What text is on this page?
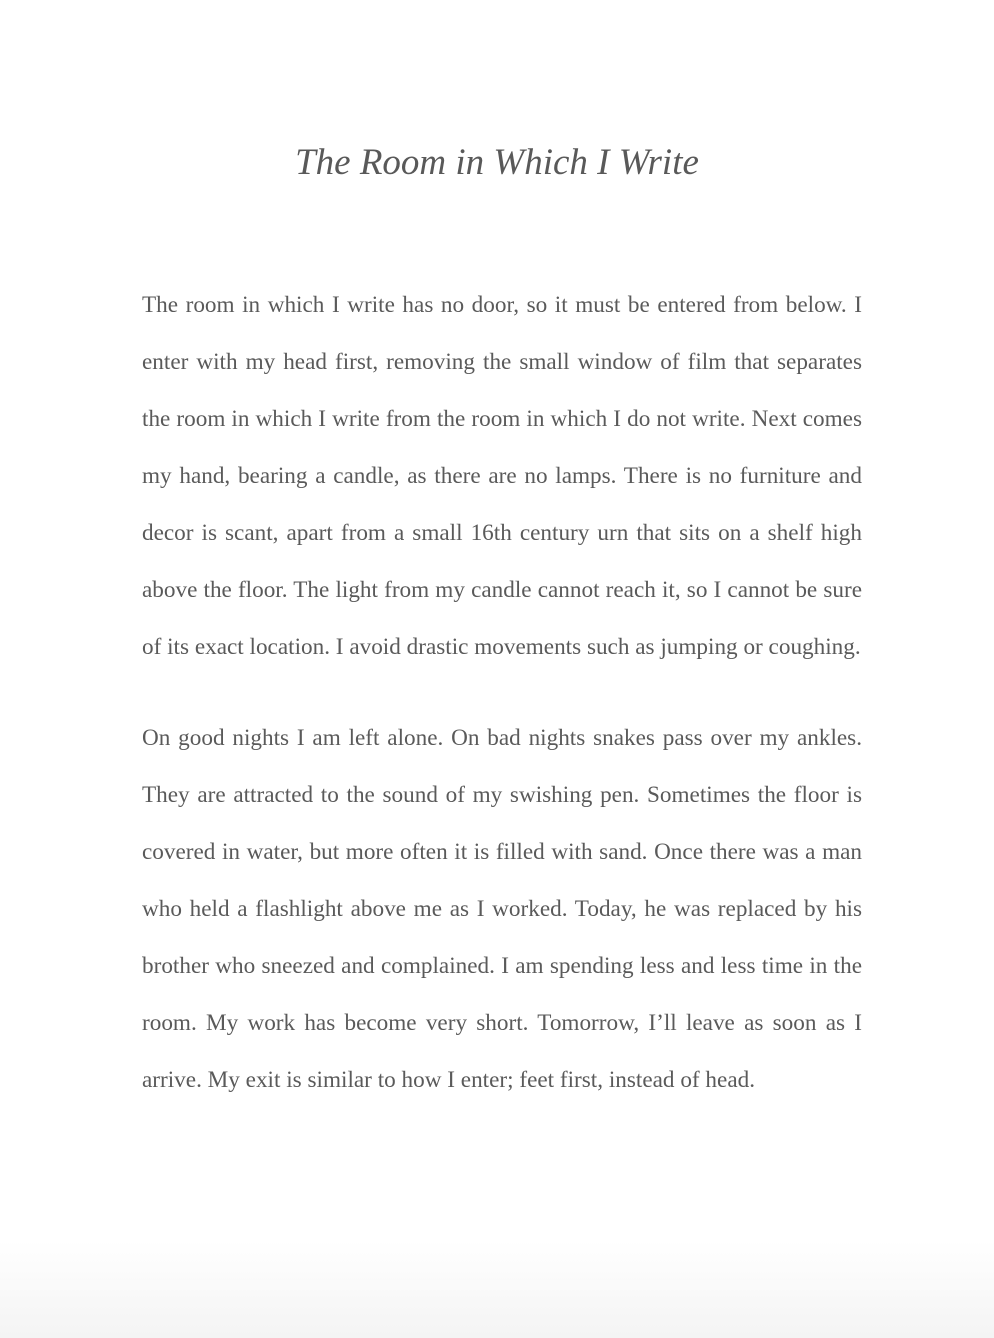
The Room in Which I Write

The room in which I write has no door, so it must be entered from below. I enter with my head first, removing the small window of film that separates the room in which I write from the room in which I do not write. Next comes my hand, bearing a candle, as there are no lamps. There is no furniture and decor is scant, apart from a small 16th century urn that sits on a shelf high above the floor. The light from my candle cannot reach it, so I cannot be sure of its exact location. I avoid drastic movements such as jumping or coughing.

On good nights I am left alone. On bad nights snakes pass over my ankles. They are attracted to the sound of my swishing pen. Sometimes the floor is covered in water, but more often it is filled with sand. Once there was a man who held a flashlight above me as I worked. Today, he was replaced by his brother who sneezed and complained. I am spending less and less time in the room. My work has become very short. Tomorrow, I’ll leave as soon as I arrive. My exit is similar to how I enter; feet first, instead of head.
